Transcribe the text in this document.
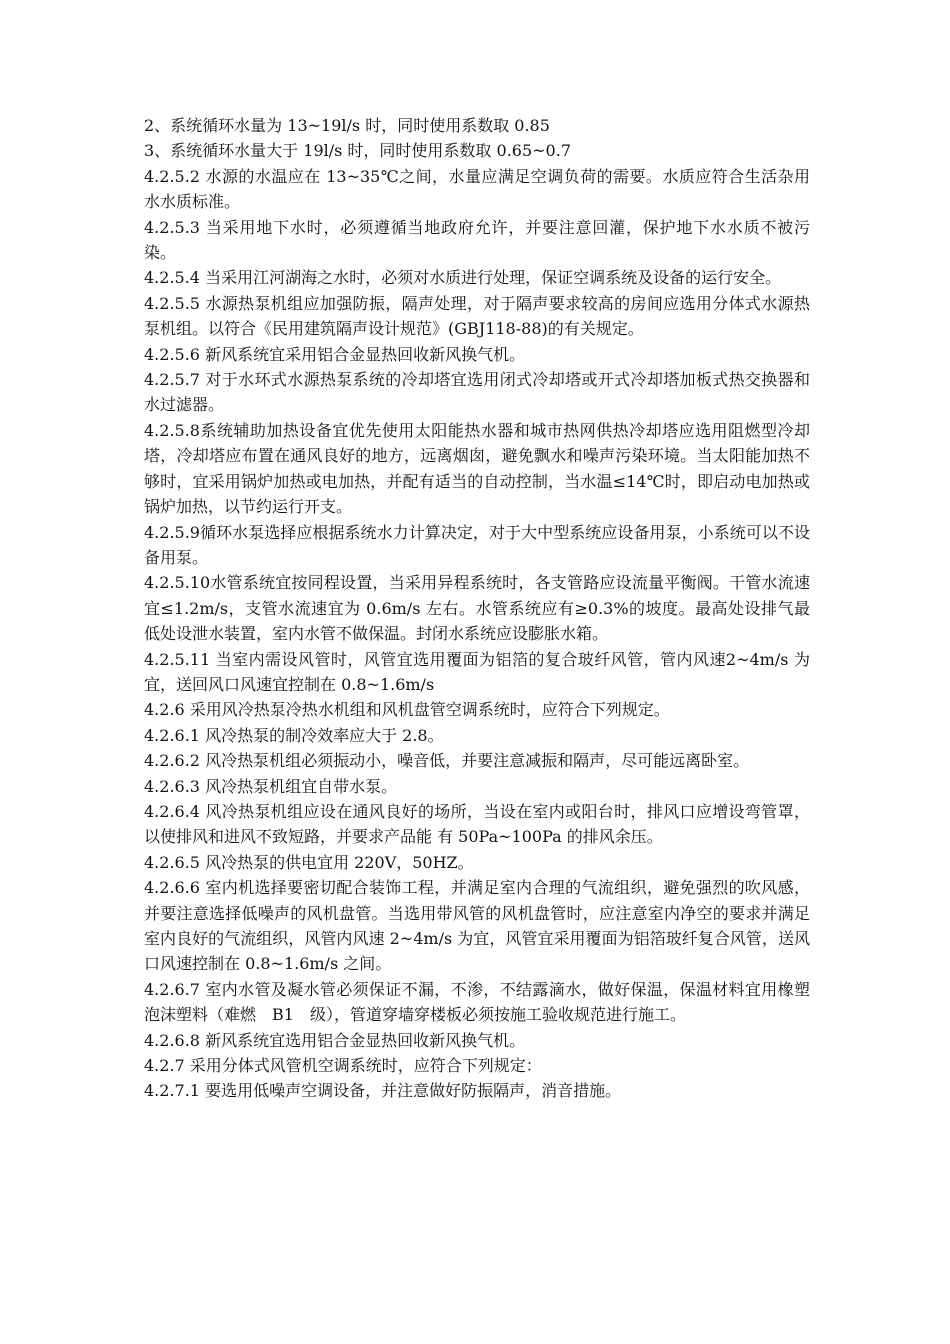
2、系统循环水量为 13~19l/s 时，同时使用系数取 0.85

3、系统循环水量大于 19l/s 时，同时使用系数取 0.65~0.7

4.2.5.2 水源的水温应在 13~35℃之间，水量应满足空调负荷的需要。水质应符合生活杂用水水质标准。

4.2.5.3 当采用地下水时，必须遵循当地政府允许，并要注意回灌，保护地下水水质不被污染。

4.2.5.4 当采用江河湖海之水时，必须对水质进行处理，保证空调系统及设备的运行安全。

4.2.5.5 水源热泵机组应加强防振，隔声处理，对于隔声要求较高的房间应选用分体式水源热泵机组。以符合《民用建筑隔声设计规范》(GBJ118-88)的有关规定。

4.2.5.6 新风系统宜采用铝合金显热回收新风换气机。

4.2.5.7 对于水环式水源热泵系统的冷却塔宜选用闭式冷却塔或开式冷却塔加板式热交换器和水过滤器。

4.2.5.8系统辅助加热设备宜优先使用太阳能热水器和城市热网供热冷却塔应选用阻燃型冷却塔，冷却塔应布置在通风良好的地方，远离烟囱，避免飘水和噪声污染环境。当太阳能加热不够时，宜采用锅炉加热或电加热，并配有适当的自动控制，当水温≤14℃时，即启动电加热或锅炉加热，以节约运行开支。

4.2.5.9循环水泵选择应根据系统水力计算决定，对于大中型系统应设备用泵，小系统可以不设备用泵。

4.2.5.10水管系统宜按同程设置，当采用异程系统时，各支管路应设流量平衡阀。干管水流速宜≤1.2m/s，支管水流速宜为 0.6m/s 左右。水管系统应有≥0.3%的坡度。最高处设排气最低处设泄水装置，室内水管不做保温。封闭水系统应设膨胀水箱。

4.2.5.11 当室内需设风管时，风管宜选用覆面为铝箔的复合玻纤风管，管内风速2~4m/s 为宜，送回风口风速宜控制在 0.8~1.6m/s

4.2.6 采用风冷热泵冷热水机组和风机盘管空调系统时，应符合下列规定。

4.2.6.1 风冷热泵的制冷效率应大于 2.8。

4.2.6.2 风冷热泵机组必须振动小，噪音低，并要注意减振和隔声，尽可能远离卧室。

4.2.6.3 风冷热泵机组宜自带水泵。

4.2.6.4 风冷热泵机组应设在通风良好的场所，当设在室内或阳台时，排风口应增设弯管罩，以使排风和进风不致短路，并要求产品能 有 50Pa~100Pa 的排风余压。

4.2.6.5 风冷热泵的供电宜用 220V，50HZ。

4.2.6.6 室内机选择要密切配合装饰工程，并满足室内合理的气流组织，避免强烈的吹风感，并要注意选择低噪声的风机盘管。当选用带风管的风机盘管时，应注意室内净空的要求并满足室内良好的气流组织，风管内风速 2~4m/s 为宜，风管宜采用覆面为铝箔玻纤复合风管，送风口风速控制在 0.8~1.6m/s 之间。

4.2.6.7 室内水管及凝水管必须保证不漏，不渗，不结露滴水，做好保温，保温材料宜用橡塑泡沫塑料（难燃　B1　级），管道穿墙穿楼板必须按施工验收规范进行施工。

4.2.6.8 新风系统宜选用铝合金显热回收新风换气机。

4.2.7 采用分体式风管机空调系统时，应符合下列规定：

4.2.7.1 要选用低噪声空调设备，并注意做好防振隔声，消音措施。
